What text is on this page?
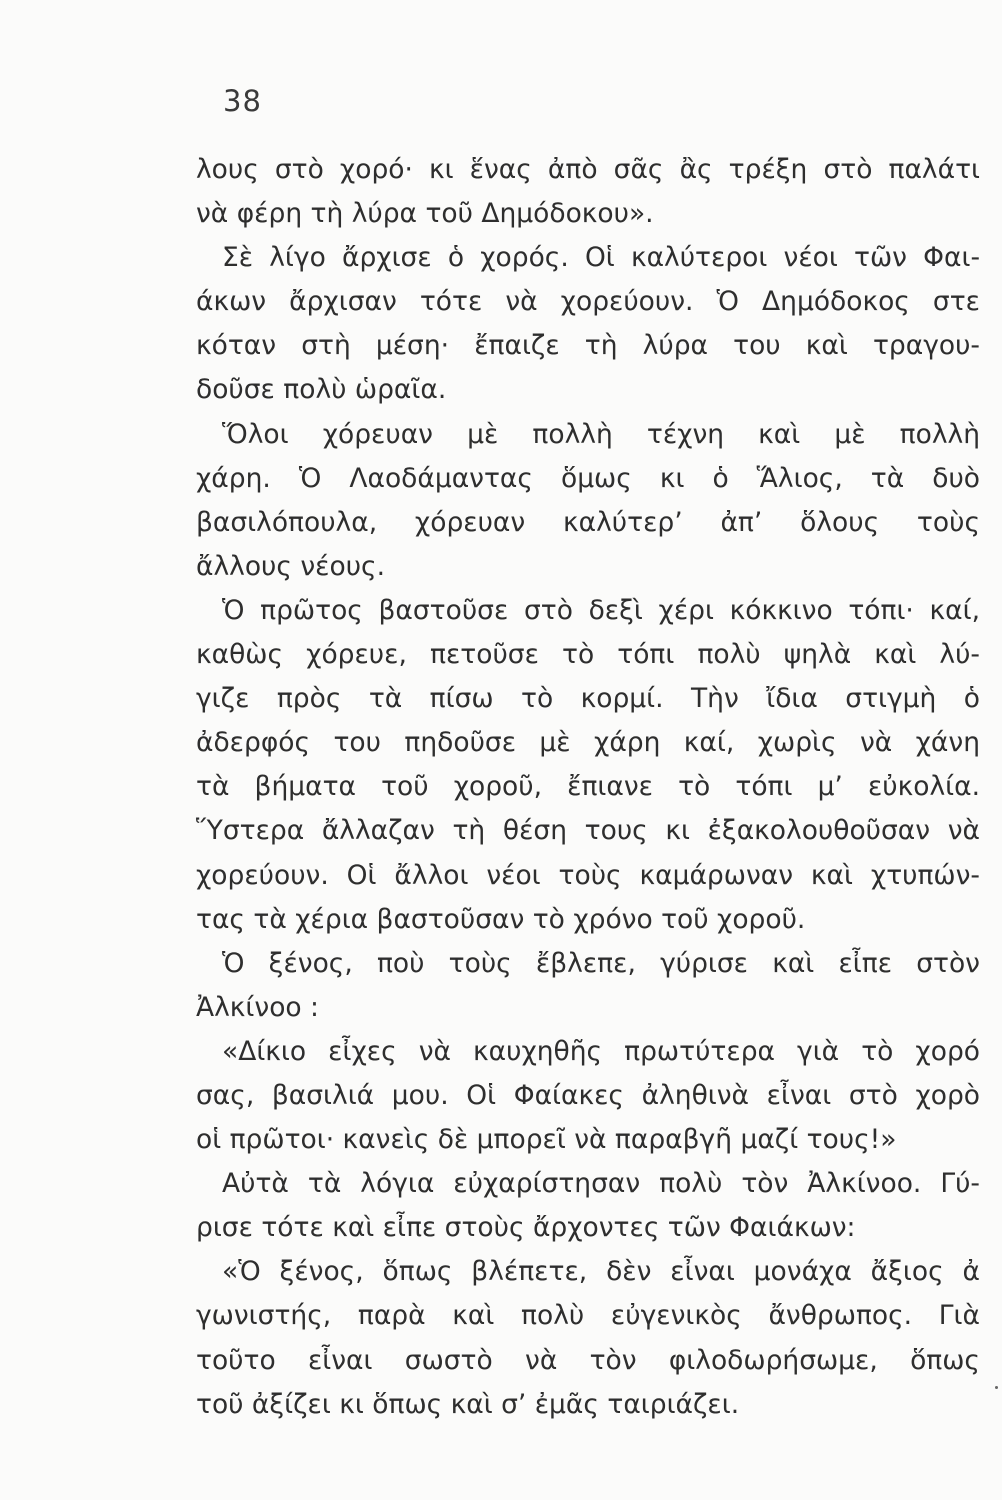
38
λους στὸ χορό· κι ἕνας ἀπὸ σᾶς ἂς τρέξη στὸ παλάτι
νὰ φέρη τὴ λύρα τοῦ Δημόδοκου».
Σὲ λίγο ἄρχισε ὁ χορός. Οἱ καλύτεροι νέοι τῶν Φαι-
άκων ἄρχισαν τότε νὰ χορεύουν. Ὁ Δημόδοκος στε
κόταν στὴ μέση· ἔπαιζε τὴ λύρα του καὶ τραγου-
δοῦσε πολὺ ὡραῖα.
Ὅλοι χόρευαν μὲ πολλὴ τέχνη καὶ μὲ πολλὴ
χάρη. Ὁ Λαοδάμαντας ὅμως κι ὁ Ἅλιος, τὰ δυὸ
βασιλόπουλα, χόρευαν καλύτερ’ ἀπ’ ὅλους τοὺς
ἄλλους νέους.
Ὁ πρῶτος βαστοῦσε στὸ δεξὶ χέρι κόκκινο τόπι· καί,
καθὼς χόρευε, πετοῦσε τὸ τόπι πολὺ ψηλὰ καὶ λύ-
γιζε πρὸς τὰ πίσω τὸ κορμί. Τὴν ἴδια στιγμὴ ὁ
ἀδερφός του πηδοῦσε μὲ χάρη καί, χωρὶς νὰ χάνη
τὰ βήματα τοῦ χοροῦ, ἔπιανε τὸ τόπι μ’ εὐκολία.
Ὕστερα ἄλλαζαν τὴ θέση τους κι ἐξακολουθοῦσαν νὰ
χορεύουν. Οἱ ἄλλοι νέοι τοὺς καμάρωναν καὶ χτυπών-
τας τὰ χέρια βαστοῦσαν τὸ χρόνο τοῦ χοροῦ.
Ὁ ξένος, ποὺ τοὺς ἔβλεπε, γύρισε καὶ εἶπε στὸν
Ἀλκίνοο :
«Δίκιο εἶχες νὰ καυχηθῆς πρωτύτερα γιὰ τὸ χορό
σας, βασιλιά μου. Οἱ Φαίακες ἀληθινὰ εἶναι στὸ χορὸ
οἱ πρῶτοι· κανεὶς δὲ μπορεῖ νὰ παραβγῆ μαζί τους!»
Αὐτὰ τὰ λόγια εὐχαρίστησαν πολὺ τὸν Ἀλκίνοο. Γύ-
ρισε τότε καὶ εἶπε στοὺς ἄρχοντες τῶν Φαιάκων:
«Ὁ ξένος, ὅπως βλέπετε, δὲν εἶναι μονάχα ἄξιος ἀ
γωνιστής, παρὰ καὶ πολὺ εὐγενικὸς ἄνθρωπος. Γιὰ
τοῦτο εἶναι σωστὸ νὰ τὸν φιλοδωρήσωμε, ὅπως
τοῦ ἀξίζει κι ὅπως καὶ σ’ ἐμᾶς ταιριάζει.
